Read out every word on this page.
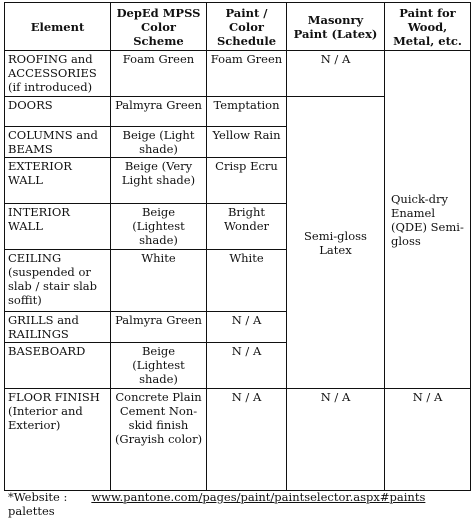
Element	DepEd MPSS Color Scheme	Paint / Color Schedule	Masonry Paint (Latex)	Paint for Wood, Metal, etc.
ROOFING and ACCESSORIES (if introduced)	Foam Green	Foam Green	N / A	Quick-dry Enamel (QDE) Semi-gloss
DOORS	Palmyra Green	Temptation	Semi-gloss Latex	
COLUMNS and BEAMS	Beige (Light shade)	Yellow Rain		
EXTERIOR WALL	Beige (Very Light shade)	Crisp Ecru		
INTERIOR WALL	Beige (Lightest shade)	Bright Wonder		
CEILING (suspended or slab / stair slab soffit)	White	White		
GRILLS and RAILINGS	Palmyra Green	N / A		
BASEBOARD	Beige (Lightest shade)	N / A		
FLOOR FINISH (Interior and Exterior)	Concrete Plain Cement Non-skid finish (Grayish color)	N / A	N / A	N / A
*Website : www.pantone.com/pages/paint/paintselector.aspx#paints
palettes
